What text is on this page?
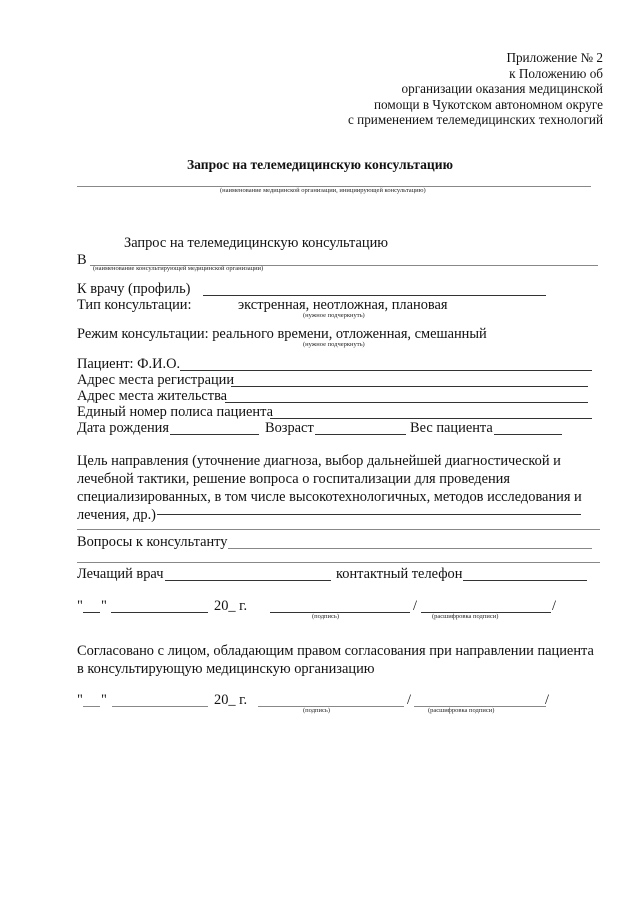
Приложение № 2
к Положению об
организации оказания медицинской
помощи в Чукотском автономном округе
с применением телемедицинских технологий
Запрос на телемедицинскую консультацию
(наименование медицинской организации, инициирующей консультацию)
Запрос на телемедицинскую консультацию
В
(наименование консультирующей медицинской организации)
К врачу (профиль)
Тип консультации:	экстренная, неотложная, плановая
(нужное подчеркнуть)
Режим консультации: реального времени, отложенная, смешанный
(нужное подчеркнуть)
Пациент: Ф.И.О.
Адрес места регистрации
Адрес места жительства
Единый номер полиса пациента
Дата рождения	Возраст	Вес пациента
Цель направления (уточнение диагноза, выбор дальнейшей диагностической и лечебной тактики, решение вопроса о госпитализации для проведения специализированных, в том числе высокотехнологичных, методов исследования и лечения, др.)
Вопросы к консультанту
Лечащий врач	контактный телефон
" "	20_ г.	/	/
(подпись)	(расшифровка подписи)
Согласовано с лицом, обладающим правом согласования при направлении пациента в консультирующую медицинскую организацию
" "	20_ г.	/	/
(подпись)	(расшифровка подписи)
